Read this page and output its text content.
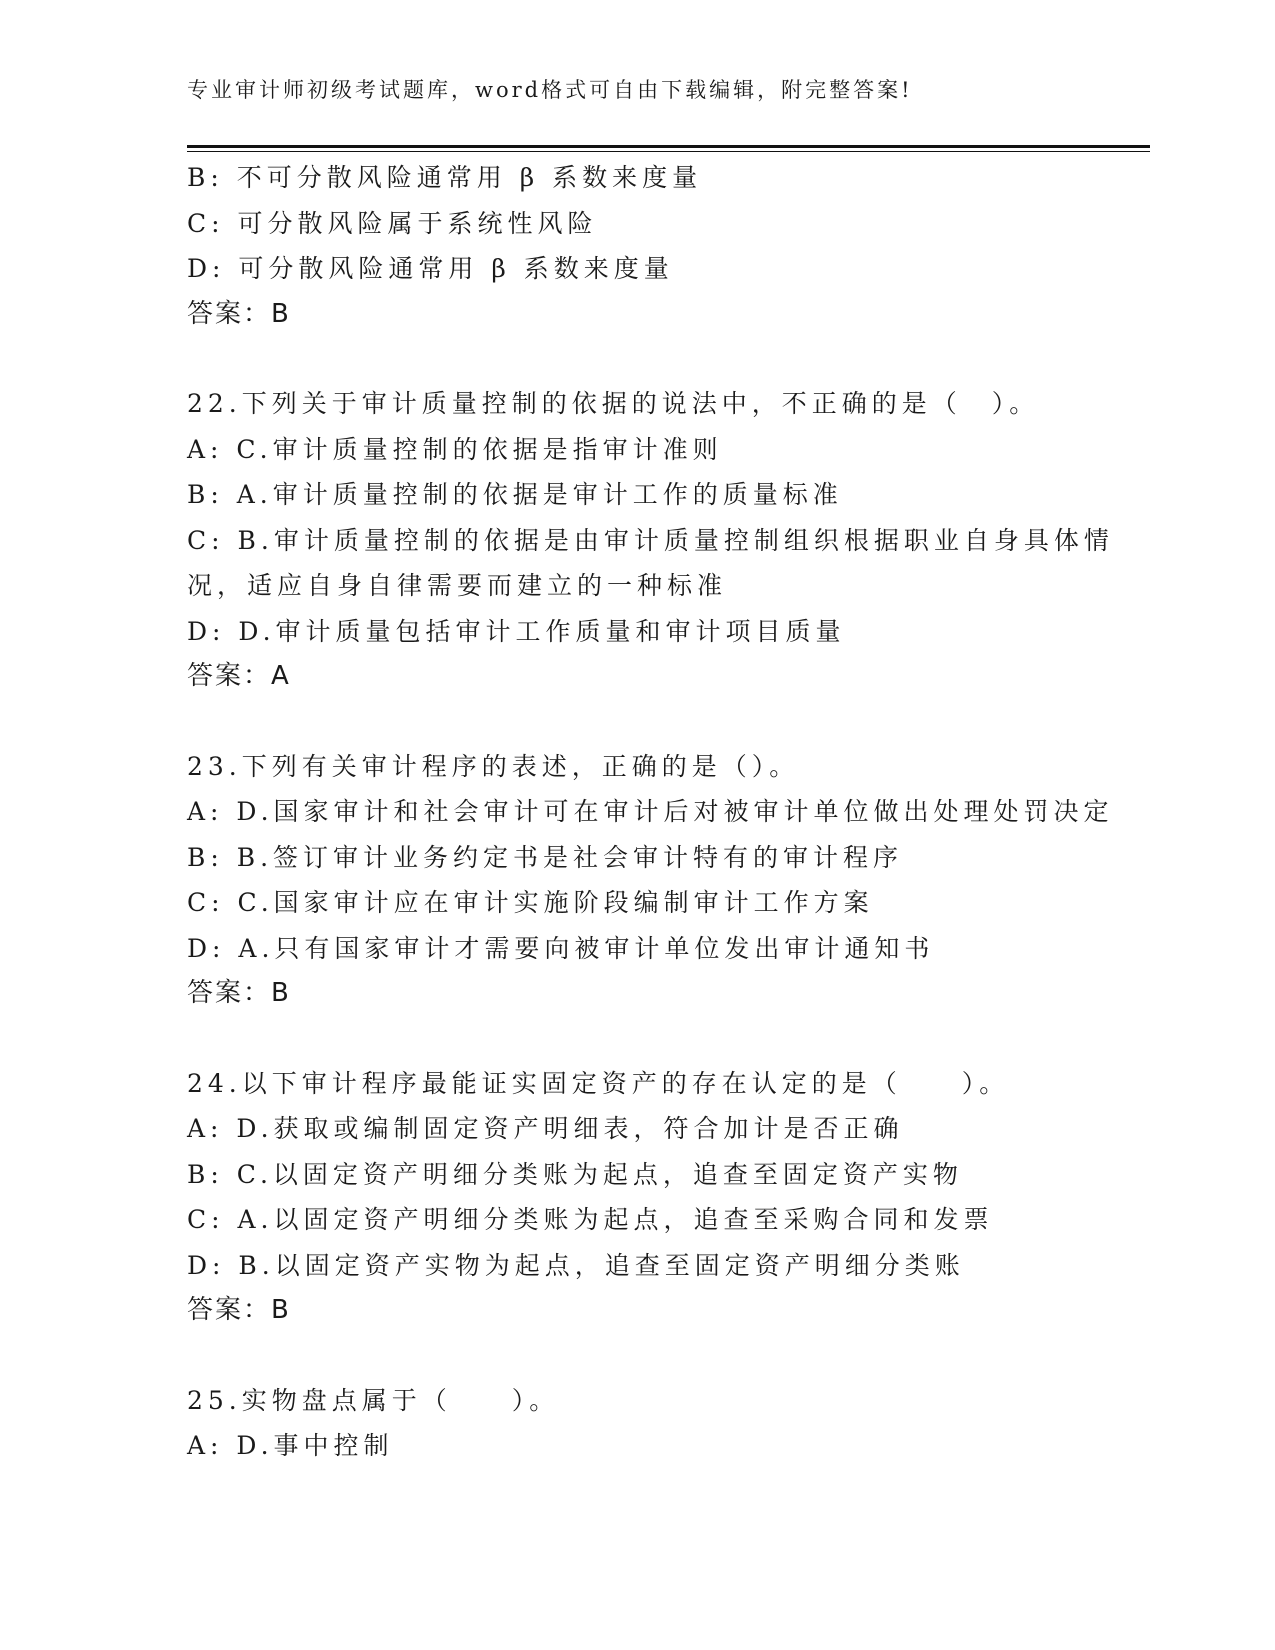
专业审计师初级考试题库，word格式可自由下载编辑，附完整答案!
B: 不可分散风险通常用 β 系数来度量
C: 可分散风险属于系统性风险
D: 可分散风险通常用 β 系数来度量
答案：B
22.下列关于审计质量控制的依据的说法中，不正确的是（　）。
A: C.审计质量控制的依据是指审计准则
B: A.审计质量控制的依据是审计工作的质量标准
C: B.审计质量控制的依据是由审计质量控制组织根据职业自身具体情
况，适应自身自律需要而建立的一种标准
D: D.审计质量包括审计工作质量和审计项目质量
答案：A
23.下列有关审计程序的表述，正确的是（）。
A: D.国家审计和社会审计可在审计后对被审计单位做出处理处罚决定
B: B.签订审计业务约定书是社会审计特有的审计程序
C: C.国家审计应在审计实施阶段编制审计工作方案
D: A.只有国家审计才需要向被审计单位发出审计通知书
答案：B
24.以下审计程序最能证实固定资产的存在认定的是（　　）。
A: D.获取或编制固定资产明细表，符合加计是否正确
B: C.以固定资产明细分类账为起点，追查至固定资产实物
C: A.以固定资产明细分类账为起点，追查至采购合同和发票
D: B.以固定资产实物为起点，追查至固定资产明细分类账
答案：B
25.实物盘点属于（　　）。
A: D.事中控制
